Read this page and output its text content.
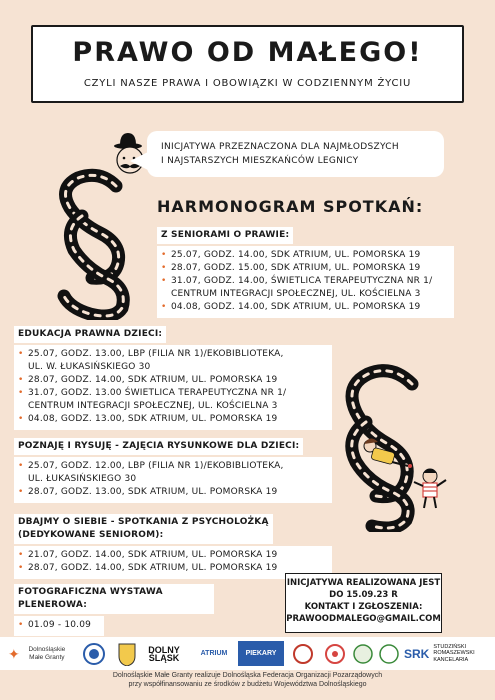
PRAWO OD MAŁEGO!
CZYLI NASZE PRAWA I OBOWIĄZKI W CODZIENNYM ŻYCIU
INICJATYWA PRZEZNACZONA DLA NAJMŁODSZYCH
I NAJSTARSZYCH MIESZKAŃCÓW LEGNICY
HARMONOGRAM SPOTKAŃ:
Z SENIORAMI O PRAWIE:
• 25.07, GODZ. 14.00, SDK ATRIUM, UL. POMORSKA 19
• 28.07, GODZ. 15.00, SDK ATRIUM, UL. POMORSKA 19
• 31.07, GODZ. 14.00, ŚWIETLICA TERAPEUTYCZNA NR 1/
CENTRUM INTEGRACJI SPOŁECZNEJ, UL. KOŚCIELNA 3
• 04.08, GODZ. 14.00, SDK ATRIUM, UL. POMORSKA 19
EDUKACJA PRAWNA DZIECI:
• 25.07, GODZ. 13.00, LBP (FILIA NR 1)/EKOBIBLIOTEKA,
UL. W. ŁUKASIŃSKIEGO 30
• 28.07, GODZ. 14.00, SDK ATRIUM, UL. POMORSKA 19
• 31.07, GODZ. 13.00 ŚWIETLICA TERAPEUTYCZNA NR 1/
CENTRUM INTEGRACJI SPOŁECZNEJ, UL. KOŚCIELNA 3
• 04.08, GODZ. 13.00, SDK ATRIUM, UL. POMORSKA 19
POZNAJĘ I RYSUJĘ - ZAJĘCIA RYSUNKOWE DLA DZIECI:
• 25.07, GODZ. 12.00, LBP (FILIA NR 1)/EKOBIBLIOTEKA,
UL. ŁUKASIŃSKIEGO 30
• 28.07, GODZ. 13.00, SDK ATRIUM, UL. POMORSKA 19
DBAJMY O SIEBIE - SPOTKANIA Z PSYCHOLOŻKĄ
(DEDYKOWANE SENIOROM):
• 21.07, GODZ. 14.00, SDK ATRIUM, UL. POMORSKA 19
• 28.07, GODZ. 14.00, SDK ATRIUM, UL. POMORSKA 19
FOTOGRAFICZNA WYSTAWA PLENEROWA:
• 01.09 - 10.09
INICJATYWA REALIZOWANA JEST
DO 15.09.23 R
KONTAKT I ZGŁOSZENIA:
PRAWOODMALEGO@GMAIL.COM
✦	Dolnośląskie Małe Granty
DOLNY ŚLĄSK	ATRIUM	PIEKARY	SRK STUDZIŃSKI ROMASZEWSKI KANCELARIA
Dolnośląskie Małe Granty realizuje Dolnośląska Federacja Organizacji Pozarządowych
przy współfinansowaniu ze środków z budżetu Województwa Dolnośląskiego
